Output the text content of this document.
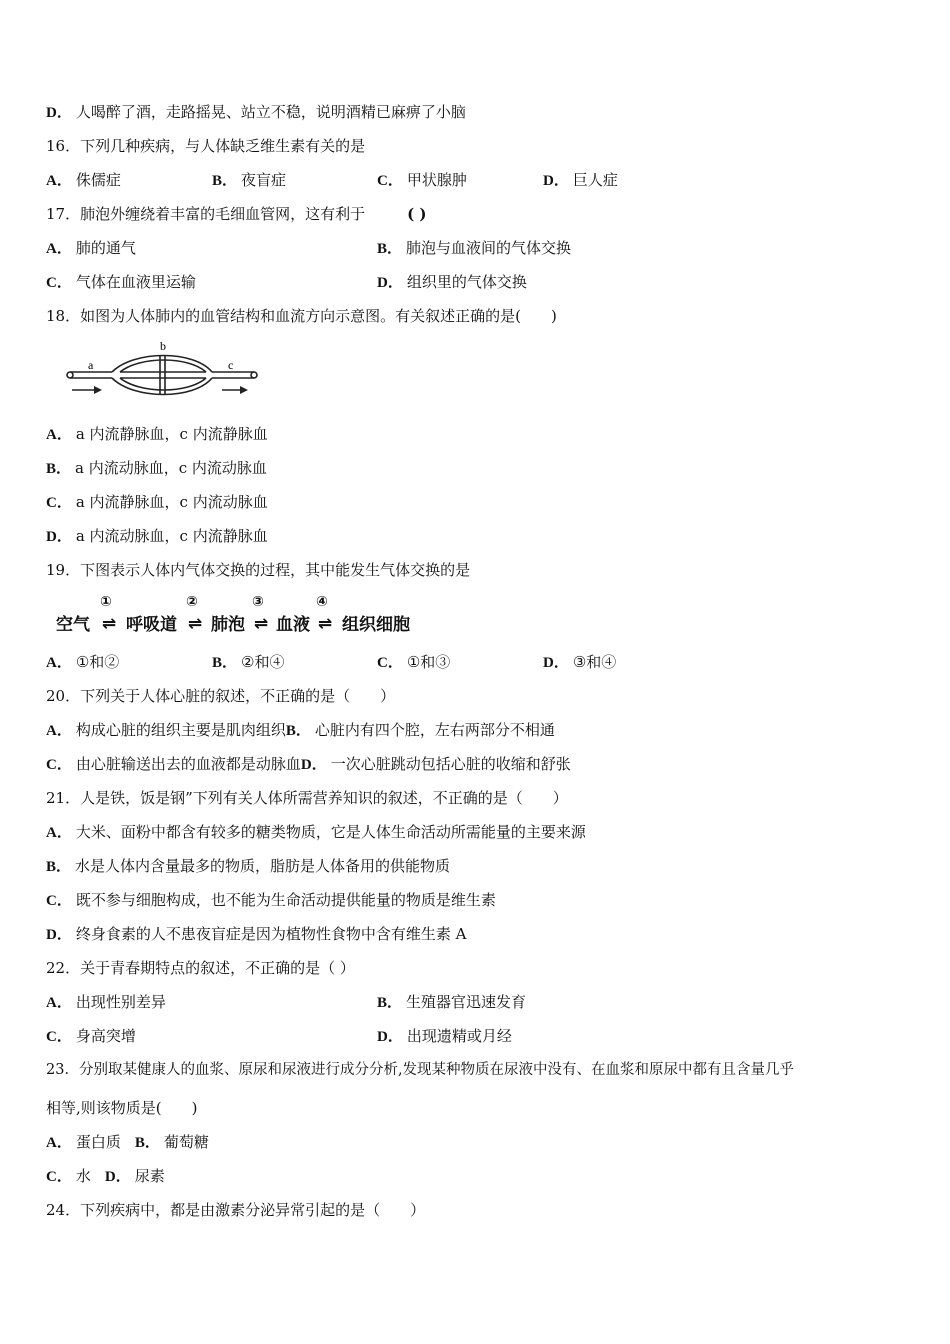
D． 人喝醉了酒，走路摇晃、站立不稳，说明酒精已麻痹了小脑
16．下列几种疾病，与人体缺乏维生素有关的是
A． 侏儒症	B． 夜盲症	C． 甲状腺肿	D． 巨人症
17．肺泡外缠绕着丰富的毛细血管网，这有利于	( )
A． 肺的通气	B． 肺泡与血液间的气体交换
C． 气体在血液里运输	D． 组织里的气体交换
18．如图为人体肺内的血管结构和血流方向示意图。有关叙述正确的是(　　)
a
b
c
A． a 内流静脉血，c 内流静脉血
B． a 内流动脉血，c 内流动脉血
C． a 内流静脉血，c 内流动脉血
D． a 内流动脉血，c 内流静脉血
19．下图表示人体内气体交换的过程，其中能发生气体交换的是
空气 ⇌
①
呼吸道 ⇌
②
肺泡 ⇌
③
血液 ⇌
④
组织细胞
A． ①和②	B． ②和④	C． ①和③	D． ③和④
20．下列关于人体心脏的叙述，不正确的是（　　）
A． 构成心脏的组织主要是肌肉组织B． 心脏内有四个腔，左右两部分不相通
C． 由心脏输送出去的血液都是动脉血D． 一次心脏跳动包括心脏的收缩和舒张
21．人是铁，饭是钢”下列有关人体所需营养知识的叙述，不正确的是（　　）
A． 大米、面粉中都含有较多的糖类物质，它是人体生命活动所需能量的主要来源
B． 水是人体内含量最多的物质，脂肪是人体备用的供能物质
C． 既不参与细胞构成，也不能为生命活动提供能量的物质是维生素
D． 终身食素的人不患夜盲症是因为植物性食物中含有维生素 A
22．关于青春期特点的叙述，不正确的是（ ）
A． 出现性别差异	B． 生殖器官迅速发育
C． 身高突增	D． 出现遗精或月经
23．分别取某健康人的血浆、原尿和尿液进行成分分析,发现某种物质在尿液中没有、在血浆和原尿中都有且含量几乎
相等,则该物质是(　　)
A． 蛋白质 B． 葡萄糖
C． 水 D． 尿素
24．下列疾病中，都是由激素分泌异常引起的是（　　）
